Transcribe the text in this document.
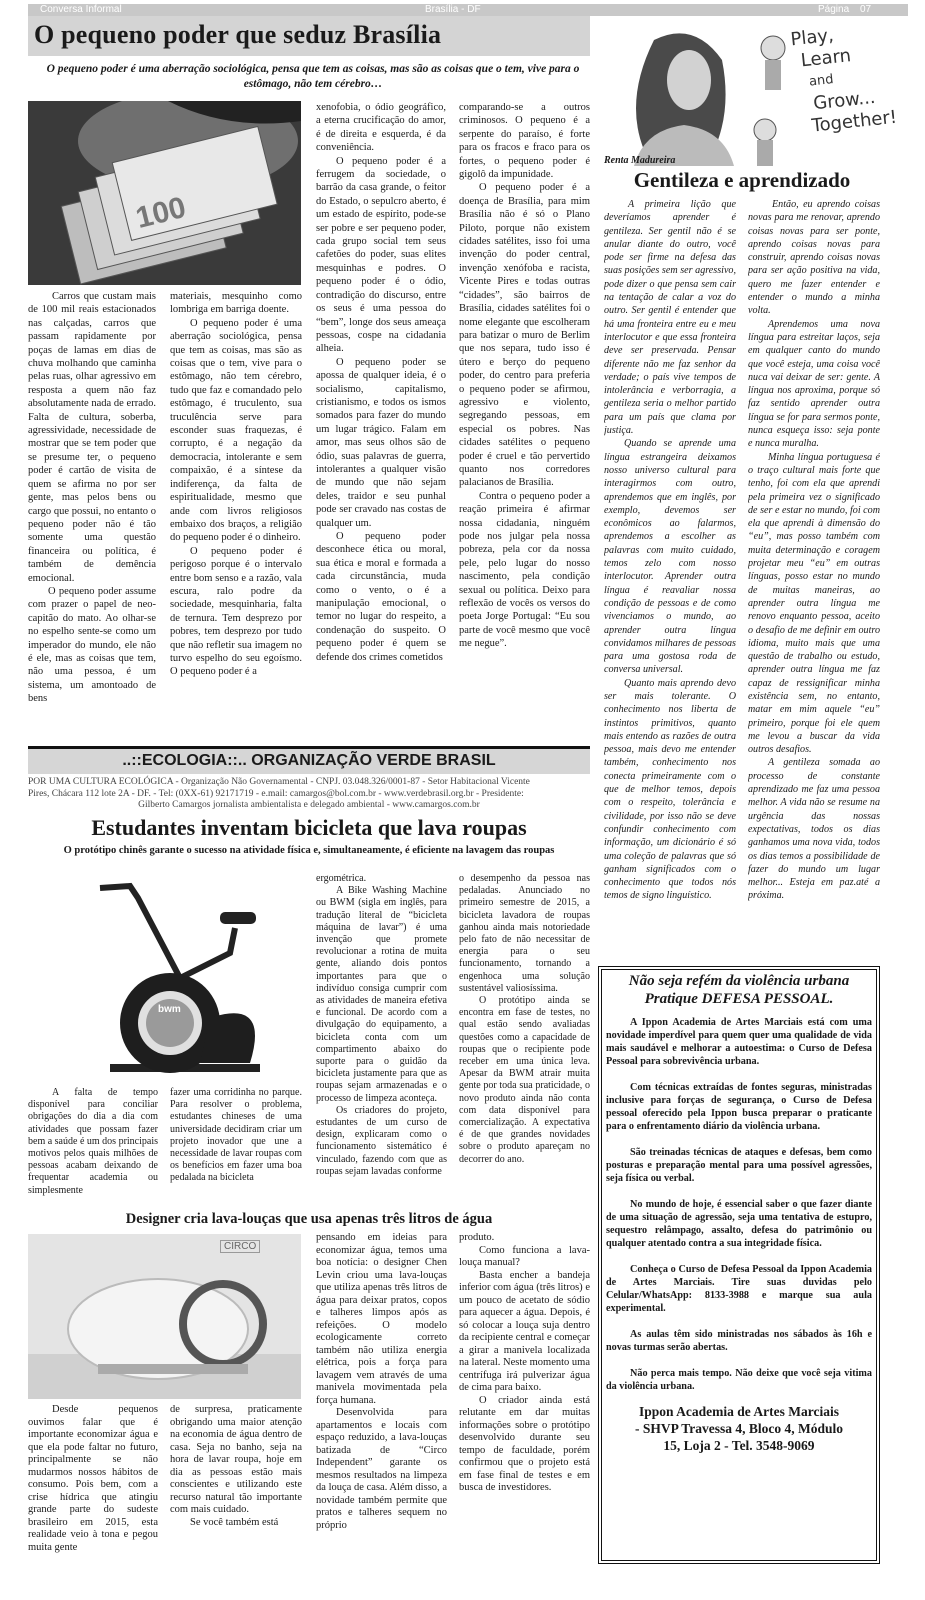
Conversa Informal	Brasília - DF	Página 07
O pequeno poder que seduz Brasília
O pequeno poder é uma aberração sociológica, pensa que tem as coisas, mas são as coisas que o tem, vive para o estômago, não tem cérebro…
100

Carros que custam mais de 100 mil reais estacionados nas calçadas, carros que passam rapidamente por poças de lamas em dias de chuva molhando que caminha pelas ruas, olhar agressivo em resposta a quem não faz absolutamente nada de errado. Falta de cultura, soberba, agressividade, necessidade de mostrar que se tem poder que se presume ter, o pequeno poder é cartão de visita de quem se afirma no por ser gente, mas pelos bens ou cargo que possui, no entanto o pequeno poder não é tão somente uma questão financeira ou política, é também de demência emocional.

O pequeno poder assume com prazer o papel de neo- capitão do mato. Ao olhar-se no espelho sente-se como um imperador do mundo, ele não é ele, mas as coisas que tem, não uma pessoa, é um sistema, um amontoado de bens

materiais, mesquinho como lombriga em barriga doente.

O pequeno poder é uma aberração sociológica, pensa que tem as coisas, mas são as coisas que o tem, vive para o estômago, não tem cérebro, tudo que faz e comandado pelo estômago, é truculento, sua truculência serve para esconder suas fraquezas, é corrupto, é a negação da democracia, intolerante e sem compaixão, é a síntese da indiferença, da falta de espiritualidade, mesmo que ande com livros religiosos embaixo dos braços, a religião do pequeno poder é o dinheiro.

O pequeno poder é perigoso porque é o intervalo entre bom senso e a razão, vala escura, ralo podre da sociedade, mesquinharia, falta de ternura. Tem desprezo por pobres, tem desprezo por tudo que não refletir sua imagem no turvo espelho do seu egoísmo. O pequeno poder é a

xenofobia, o ódio geográfico, a eterna crucificação do amor, é de direita e esquerda, é da conveniência.

O pequeno poder é a ferrugem da sociedade, o barrão da casa grande, o feitor do Estado, o sepulcro aberto, é um estado de espírito, pode-se ser pobre e ser pequeno poder, cada grupo social tem seus cafetões do poder, suas elites mesquinhas e podres. O pequeno poder é o ódio, contradição do discurso, entre os seus é uma pessoa do “bem”, longe dos seus ameaça pessoas, cospe na cidadania alheia.

O pequeno poder se apossa de qualquer ideia, é o socialismo, capitalismo, cristianismo, e todos os ismos somados para fazer do mundo um lugar trágico. Falam em amor, mas seus olhos são de ódio, suas palavras de guerra, intolerantes a qualquer visão de mundo que não sejam deles, traidor e seu punhal pode ser cravado nas costas de qualquer um.

O pequeno poder desconhece ética ou moral, sua ética e moral e formada a cada circunstância, muda como o vento, o é a manipulação emocional, o temor no lugar do respeito, a condenação do suspeito. O pequeno poder é quem se defende dos crimes cometidos

comparando-se a outros criminosos. O pequeno é a serpente do paraíso, é forte para os fracos e fraco para os fortes, o pequeno poder é gigolô da impunidade.

O pequeno poder é a doença de Brasília, para mim Brasília não é só o Plano Piloto, porque não existem cidades satélites, isso foi uma invenção do poder central, invenção xenófoba e racista, Vicente Pires e todas outras “cidades”, são bairros de Brasília, cidades satélites foi o nome elegante que escolheram para batizar o muro de Berlim que nos separa, tudo isso é útero e berço do pequeno poder, do centro para preferia o pequeno poder se afirmou, agressivo e violento, segregando pessoas, em especial os pobres. Nas cidades satélites o pequeno poder é cruel e tão pervertido quanto nos corredores palacianos de Brasília.

Contra o pequeno poder a reação primeira é afirmar nossa cidadania, ninguém pode nos julgar pela nossa pobreza, pela cor da nossa pele, pelo lugar do nosso nascimento, pela condição sexual ou política. Deixo para reflexão de vocês os versos do poeta Jorge Portugal: “Eu sou parte de você mesmo que você me negue”.

Renta Madureira
Play,
Learn
and
Grow...
Together!
Gentileza e aprendizado

A primeira lição que deveríamos aprender é gentileza. Ser gentil não é se anular diante do outro, você pode ser firme na defesa das suas posições sem ser agressivo, pode dizer o que pensa sem cair na tentação de calar a voz do outro. Ser gentil é entender que há uma fronteira entre eu e meu interlocutor e que essa fronteira deve ser preservada. Pensar diferente não me faz senhor da verdade; o país vive tempos de intolerância e verborragia, a gentileza seria o melhor partido para um país que clama por justiça.

Quando se aprende uma língua estrangeira deixamos nosso universo cultural para interagirmos com outro, aprendemos que em inglês, por exemplo, devemos ser econômicos ao falarmos, aprendemos a escolher as palavras com muito cuidado, temos zelo com nosso interlocutor. Aprender outra língua é reavaliar nossa condição de pessoas e de como vivenciamos o mundo, ao aprender outra língua convidamos milhares de pessoas para uma gostosa roda de conversa universal.

Quanto mais aprendo devo ser mais tolerante. O conhecimento nos liberta de instintos primitivos, quanto mais entendo as razões de outra pessoa, mais devo me entender também, conhecimento nos conecta primeiramente com o que de melhor temos, depois com o respeito, tolerância e civilidade, por isso não se deve confundir conhecimento com informação, um dicionário é só uma coleção de palavras que só ganham significados com o conhecimento que todos nós temos de signo linguístico.

Então, eu aprendo coisas novas para me renovar, aprendo coisas novas para ser ponte, aprendo coisas novas para construir, aprendo coisas novas para ser ação positiva na vida, quero me fazer entender e entender o mundo a minha volta.

Aprendemos uma nova língua para estreitar laços, seja em qualquer canto do mundo que você esteja, uma coisa você nuca vai deixar de ser: gente. A língua nos aproxima, porque só faz sentido aprender outra língua se for para sermos ponte, nunca esqueça isso: seja ponte e nunca muralha.

Minha língua portuguesa é o traço cultural mais forte que tenho, foi com ela que aprendi pela primeira vez o significado de ser e estar no mundo, foi com ela que aprendi à dimensão do “eu”, mas posso também com muita determinação e coragem projetar meu “eu” em outras línguas, posso estar no mundo de muitas maneiras, ao aprender outra língua me renovo enquanto pessoa, aceito o desafio de me definir em outro idioma, muito mais que uma questão de trabalho ou estudo, aprender outra língua me faz capaz de ressignificar minha existência sem, no entanto, matar em mim aquele “eu” primeiro, porque foi ele quem me levou a buscar da vida outros desafios.

A gentileza somada ao processo de constante aprendizado me faz uma pessoa melhor. A vida não se resume na urgência das nossas expectativas, todos os dias ganhamos uma nova vida, todos os dias temos a possibilidade de fazer do mundo um lugar melhor... Esteja em paz.até a próxima.

..::ECOLOGIA::.. ORGANIZAÇÃO VERDE BRASIL
POR UMA CULTURA ECOLÓGICA - Organização Não Governamental - CNPJ. 03.048.326/0001-87 - Setor Habitacional Vicente
Pires, Chácara 112 lote 2A - DF. - Tel: (0XX-61) 92171719 - e.mail: camargos@bol.com.br - www.verdebrasil.org.br - Presidente:
Gilberto Camargos jornalista ambientalista e delegado ambiental - www.camargos.com.br
Estudantes inventam bicicleta que lava roupas
O protótipo chinês garante o sucesso na atividade física e, simultaneamente, é eficiente na lavagem das roupas
bwm

A falta de tempo disponível para conciliar obrigações do dia a dia com atividades que possam fazer bem a saúde é um dos principais motivos pelos quais milhões de pessoas acabam deixando de frequentar academia ou simplesmente

fazer uma corridinha no parque. Para resolver o problema, estudantes chineses de uma universidade decidiram criar um projeto inovador que une a necessidade de lavar roupas com os benefícios em fazer uma boa pedalada na bicicleta

ergométrica.

A Bike Washing Machine ou BWM (sigla em inglês, para tradução literal de “bicicleta máquina de lavar”) é uma invenção que promete revolucionar a rotina de muita gente, aliando dois pontos importantes para que o indivíduo consiga cumprir com as atividades de maneira efetiva e funcional. De acordo com a divulgação do equipamento, a bicicleta conta com um compartimento abaixo do suporte para o guidão da bicicleta justamente para que as roupas sejam armazenadas e o processo de limpeza aconteça.

Os criadores do projeto, estudantes de um curso de design, explicaram como o funcionamento sistemático é vinculado, fazendo com que as roupas sejam lavadas conforme

o desempenho da pessoa nas pedaladas. Anunciado no primeiro semestre de 2015, a bicicleta lavadora de roupas ganhou ainda mais notoriedade pelo fato de não necessitar de energia para o seu funcionamento, tornando a engenhoca uma solução sustentável valiosíssima.

O protótipo ainda se encontra em fase de testes, no qual estão sendo avaliadas questões como a capacidade de roupas que o recipiente pode receber em uma única leva. Apesar da BWM atrair muita gente por toda sua praticidade, o novo produto ainda não conta com data disponível para comercialização. A expectativa é de que grandes novidades sobre o produto apareçam no decorrer do ano.

Designer cria lava-louças que usa apenas três litros de água
CIRCO

Desde pequenos ouvimos falar que é importante economizar água e que ela pode faltar no futuro, principalmente se não mudarmos nossos hábitos de consumo. Pois bem, com a crise hídrica que atingiu grande parte do sudeste brasileiro em 2015, esta realidade veio à tona e pegou muita gente

de surpresa, praticamente obrigando uma maior atenção na economia de água dentro de casa. Seja no banho, seja na hora de lavar roupa, hoje em dia as pessoas estão mais conscientes e utilizando este recurso natural tão importante com mais cuidado.

Se você também está

pensando em ideias para economizar água, temos uma boa notícia: o designer Chen Levin criou uma lava-louças que utiliza apenas três litros de água para deixar pratos, copos e talheres limpos após as refeições. O modelo ecologicamente correto também não utiliza energia elétrica, pois a força para lavagem vem através de uma manivela movimentada pela força humana.

Desenvolvida para apartamentos e locais com espaço reduzido, a lava-louças batizada de “Circo Independent” garante os mesmos resultados na limpeza da louça de casa. Além disso, a novidade também permite que pratos e talheres sequem no próprio

produto.

Como funciona a lava-louça manual?

Basta encher a bandeja inferior com água (três litros) e um pouco de acetato de sódio para aquecer a água. Depois, é só colocar a louça suja dentro da recipiente central e começar a girar a manivela localizada na lateral. Neste momento uma centrífuga irá pulverizar água de cima para baixo.

O criador ainda está relutante em dar muitas informações sobre o protótipo desenvolvido durante seu tempo de faculdade, porém confirmou que o projeto está em fase final de testes e em busca de investidores.

Não seja refém da violência urbana
Pratique DEFESA PESSOAL.

A Ippon Academia de Artes Marciais está com uma novidade imperdível para quem quer uma qualidade de vida mais saudável e melhorar a autoestima: o Curso de Defesa Pessoal para sobrevivência urbana.

Com técnicas extraídas de fontes seguras, ministradas inclusive para forças de segurança, o Curso de Defesa pessoal oferecido pela Ippon busca preparar o praticante para o enfrentamento diário da violência urbana.

São treinadas técnicas de ataques e defesas, bem como posturas e preparação mental para uma possível agressões, seja física ou verbal.

No mundo de hoje, é essencial saber o que fazer diante de uma situação de agressão, seja uma tentativa de estupro, sequestro relâmpago, assalto, defesa do patrimônio ou qualquer atentado contra a sua integridade física.

Conheça o Curso de Defesa Pessoal da Ippon Academia de Artes Marciais. Tire suas duvidas pelo Celular/WhatsApp: 8133-3988 e marque sua aula experimental.

As aulas têm sido ministradas nos sábados às 16h e novas turmas serão abertas.

Não perca mais tempo. Não deixe que você seja vitima da violência urbana.

Ippon Academia de Artes Marciais
- SHVP Travessa 4, Bloco 4, Módulo
15, Loja 2 - Tel. 3548-9069
